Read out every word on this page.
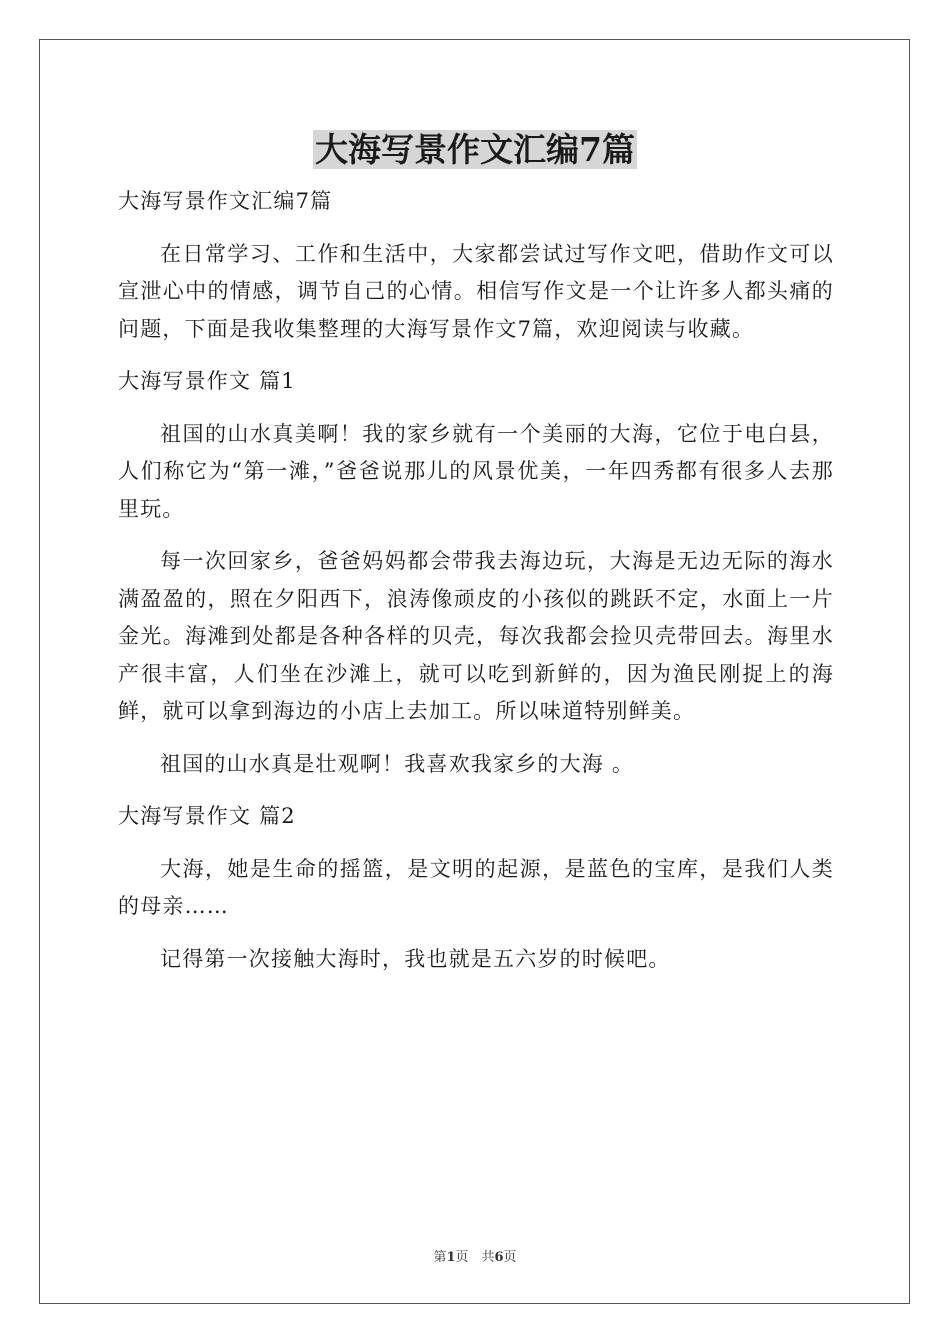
大海写景作文汇编7篇

大海写景作文汇编7篇

在日常学习、工作和生活中，大家都尝试过写作文吧，借助作文可以宣泄心中的情感，调节自己的心情。相信写作文是一个让许多人都头痛的问题，下面是我收集整理的大海写景作文7篇，欢迎阅读与收藏。

大海写景作文 篇1

祖国的山水真美啊！我的家乡就有一个美丽的大海，它位于电白县，人们称它为“第一滩，”爸爸说那儿的风景优美，一年四秀都有很多人去那里玩。

每一次回家乡，爸爸妈妈都会带我去海边玩，大海是无边无际的海水满盈盈的，照在夕阳西下，浪涛像顽皮的小孩似的跳跃不定，水面上一片金光。海滩到处都是各种各样的贝壳，每次我都会捡贝壳带回去。海里水产很丰富，人们坐在沙滩上，就可以吃到新鲜的，因为渔民刚捉上的海鲜，就可以拿到海边的小店上去加工。所以味道特别鲜美。

祖国的山水真是壮观啊！我喜欢我家乡的大海 。

大海写景作文 篇2

大海，她是生命的摇篮，是文明的起源，是蓝色的宝库，是我们人类的母亲……

记得第一次接触大海时，我也就是五六岁的时候吧。

第1页　共6页
